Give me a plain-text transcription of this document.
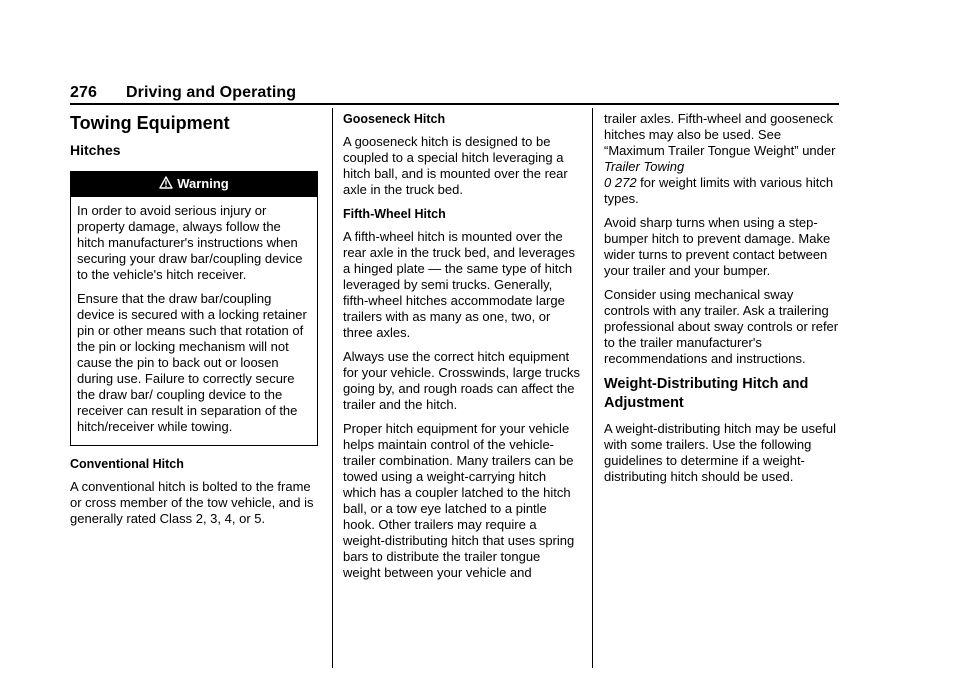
276 Driving and Operating
Towing Equipment
Hitches
Warning

In order to avoid serious injury or property damage, always follow the hitch manufacturer's instructions when securing your draw bar/coupling device to the vehicle's hitch receiver.

Ensure that the draw bar/coupling device is secured with a locking retainer pin or other means such that rotation of the pin or locking mechanism will not cause the pin to back out or loosen during use. Failure to correctly secure the draw bar/ coupling device to the receiver can result in separation of the hitch/receiver while towing.

Conventional Hitch

A conventional hitch is bolted to the frame or cross member of the tow vehicle, and is generally rated Class 2, 3, 4, or 5.

Gooseneck Hitch

A gooseneck hitch is designed to be coupled to a special hitch leveraging a hitch ball, and is mounted over the rear axle in the truck bed.

Fifth-Wheel Hitch

A fifth-wheel hitch is mounted over the rear axle in the truck bed, and leverages a hinged plate — the same type of hitch leveraged by semi trucks. Generally, fifth-wheel hitches accommodate large trailers with as many as one, two, or three axles.

Always use the correct hitch equipment for your vehicle. Crosswinds, large trucks going by, and rough roads can affect the trailer and the hitch.

Proper hitch equipment for your vehicle helps maintain control of the vehicle-trailer combination. Many trailers can be towed using a weight-carrying hitch which has a coupler latched to the hitch ball, or a tow eye latched to a pintle hook. Other trailers may require a weight-distributing hitch that uses spring bars to distribute the trailer tongue weight between your vehicle and

trailer axles. Fifth-wheel and gooseneck hitches may also be used. See “Maximum Trailer Tongue Weight” under Trailer Towing
0 272 for weight limits with various hitch types.

Avoid sharp turns when using a step-bumper hitch to prevent damage. Make wider turns to prevent contact between your trailer and your bumper.

Consider using mechanical sway controls with any trailer. Ask a trailering professional about sway controls or refer to the trailer manufacturer's recommendations and instructions.

Weight-Distributing Hitch and Adjustment

A weight-distributing hitch may be useful with some trailers. Use the following guidelines to determine if a weight-distributing hitch should be used.
